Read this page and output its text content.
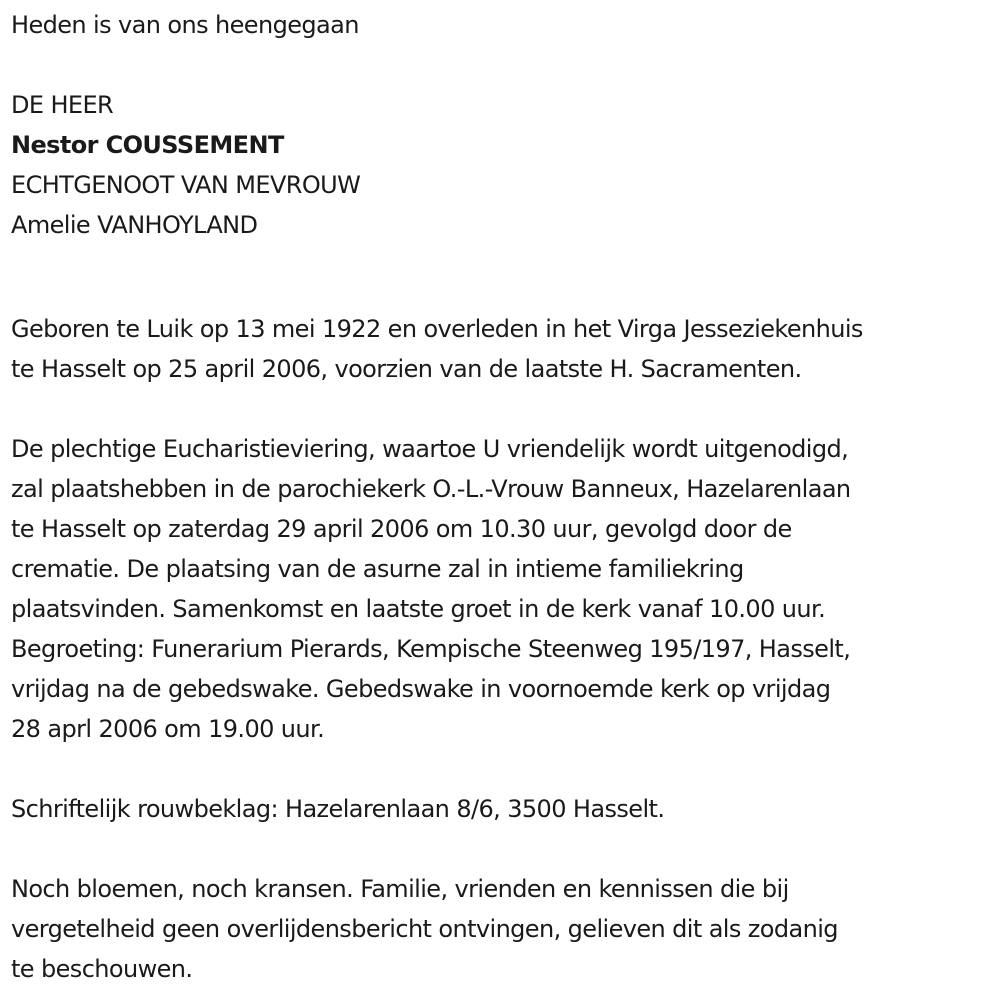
Heden is van ons heengegaan
DE HEER
Nestor COUSSEMENT
ECHTGENOOT VAN MEVROUW
Amelie VANHOYLAND
Geboren te Luik op 13 mei 1922 en overleden in het Virga Jesseziekenhuis
te Hasselt op 25 april 2006, voorzien van de laatste H. Sacramenten.
De plechtige Eucharistieviering, waartoe U vriendelijk wordt uitgenodigd,
zal plaatshebben in de parochiekerk O.-L.-Vrouw Banneux, Hazelarenlaan
te Hasselt op zaterdag 29 april 2006 om 10.30 uur, gevolgd door de
crematie. De plaatsing van de asurne zal in intieme familiekring
plaatsvinden. Samenkomst en laatste groet in de kerk vanaf 10.00 uur.
Begroeting: Funerarium Pierards, Kempische Steenweg 195/197, Hasselt,
vrijdag na de gebedswake. Gebedswake in voornoemde kerk op vrijdag
28 aprl 2006 om 19.00 uur.
Schriftelijk rouwbeklag: Hazelarenlaan 8/6, 3500 Hasselt.
Noch bloemen, noch kransen. Familie, vrienden en kennissen die bij
vergetelheid geen overlijdensbericht ontvingen, gelieven dit als zodanig
te beschouwen.
